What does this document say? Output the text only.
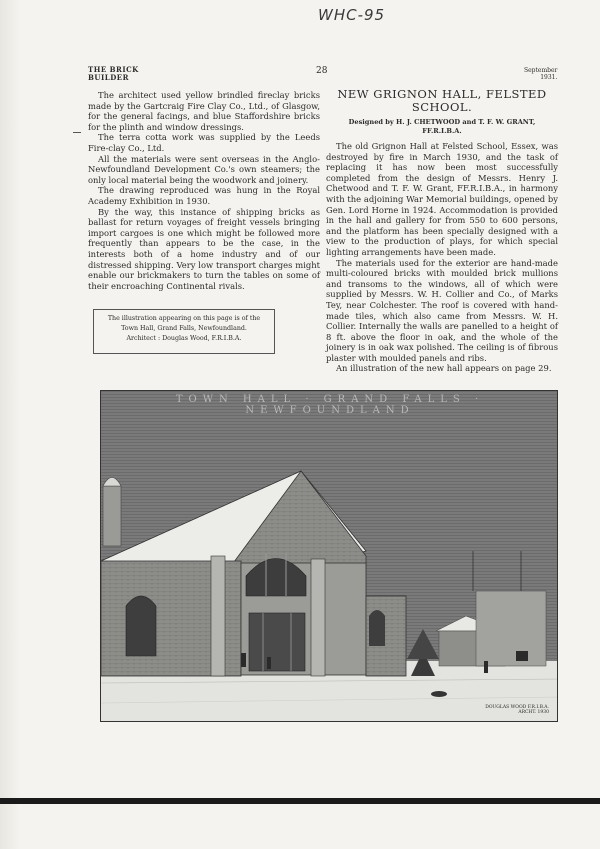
WHC-95
THE BRICK
BUILDER
28	September
1931.

The architect used yellow brindled fireclay bricks made by the Gartcraig Fire Clay Co., Ltd., of Glasgow, for the general facings, and blue Staffordshire bricks for the plinth and window dressings.

The terra cotta work was supplied by the Leeds Fire-clay Co., Ltd.

All the materials were sent overseas in the Anglo-Newfoundland Development Co.'s own steamers; the only local material being the woodwork and joinery.

The drawing reproduced was hung in the Royal Academy Exhibition in 1930.

By the way, this instance of shipping bricks as ballast for return voyages of freight vessels bringing import cargoes is one which might be followed more frequently than appears to be the case, in the interests both of a home industry and of our distressed shipping. Very low transport charges might enable our brickmakers to turn the tables on some of their encroaching Continental rivals.

The illustration appearing on this page is of the
Town Hall, Grand Falls, Newfoundland.
Architect : Douglas Wood, F.R.I.B.A.
NEW GRIGNON HALL, FELSTED
SCHOOL.
Designed by H. J. CHETWOOD and T. F. W. GRANT,
FF.R.I.B.A.

The old Grignon Hall at Felsted School, Essex, was destroyed by fire in March 1930, and the task of replacing it has now been most successfully completed from the design of Messrs. Henry J. Chetwood and T. F. W. Grant, FF.R.I.B.A., in harmony with the adjoining War Memorial buildings, opened by Gen. Lord Horne in 1924. Accommodation is provided in the hall and gallery for from 550 to 600 persons, and the platform has been specially designed with a view to the production of plays, for which special lighting arrangements have been made.

The materials used for the exterior are hand-made multi-coloured bricks with moulded brick mullions and transoms to the windows, all of which were supplied by Messrs. W. H. Collier and Co., of Marks Tey, near Colchester. The roof is covered with hand-made tiles, which also came from Messrs. W. H. Collier. Internally the walls are panelled to a height of 8 ft. above the floor in oak, and the whole of the joinery is in oak wax polished. The ceiling is of fibrous plaster with moulded panels and ribs.

An illustration of the new hall appears on page 29.

TOWN HALL · GRAND FALLS · NEWFOUNDLAND
DOUGLAS WOOD F.R.I.B.A.
ARCHT. 1930
